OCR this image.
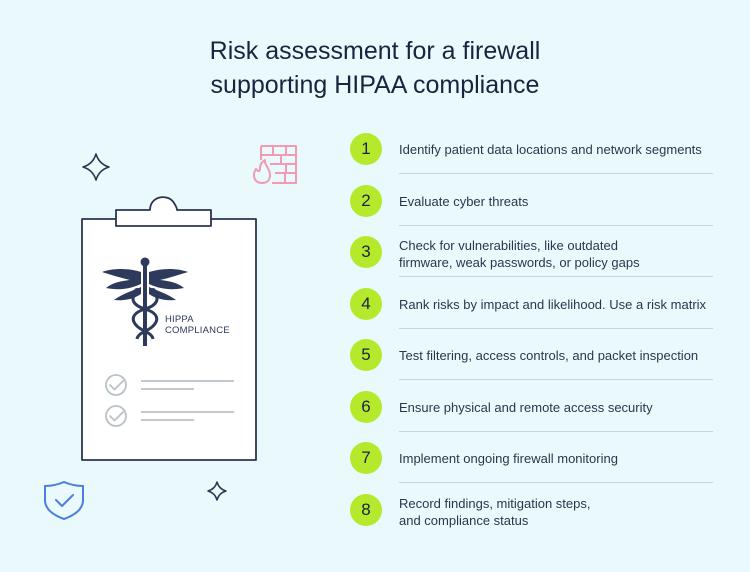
Risk assessment for a firewall
supporting HIPAA compliance
HIPPA
COMPLIANCE
1	Identify patient data locations and network segments
2	Evaluate cyber threats
3	Check for vulnerabilities, like outdated firmware, weak passwords, or policy gaps
4	Rank risks by impact and likelihood. Use a risk matrix
5	Test filtering, access controls, and packet inspection
6	Ensure physical and remote access security
7	Implement ongoing firewall monitoring
8	Record findings, mitigation steps, and compliance status
